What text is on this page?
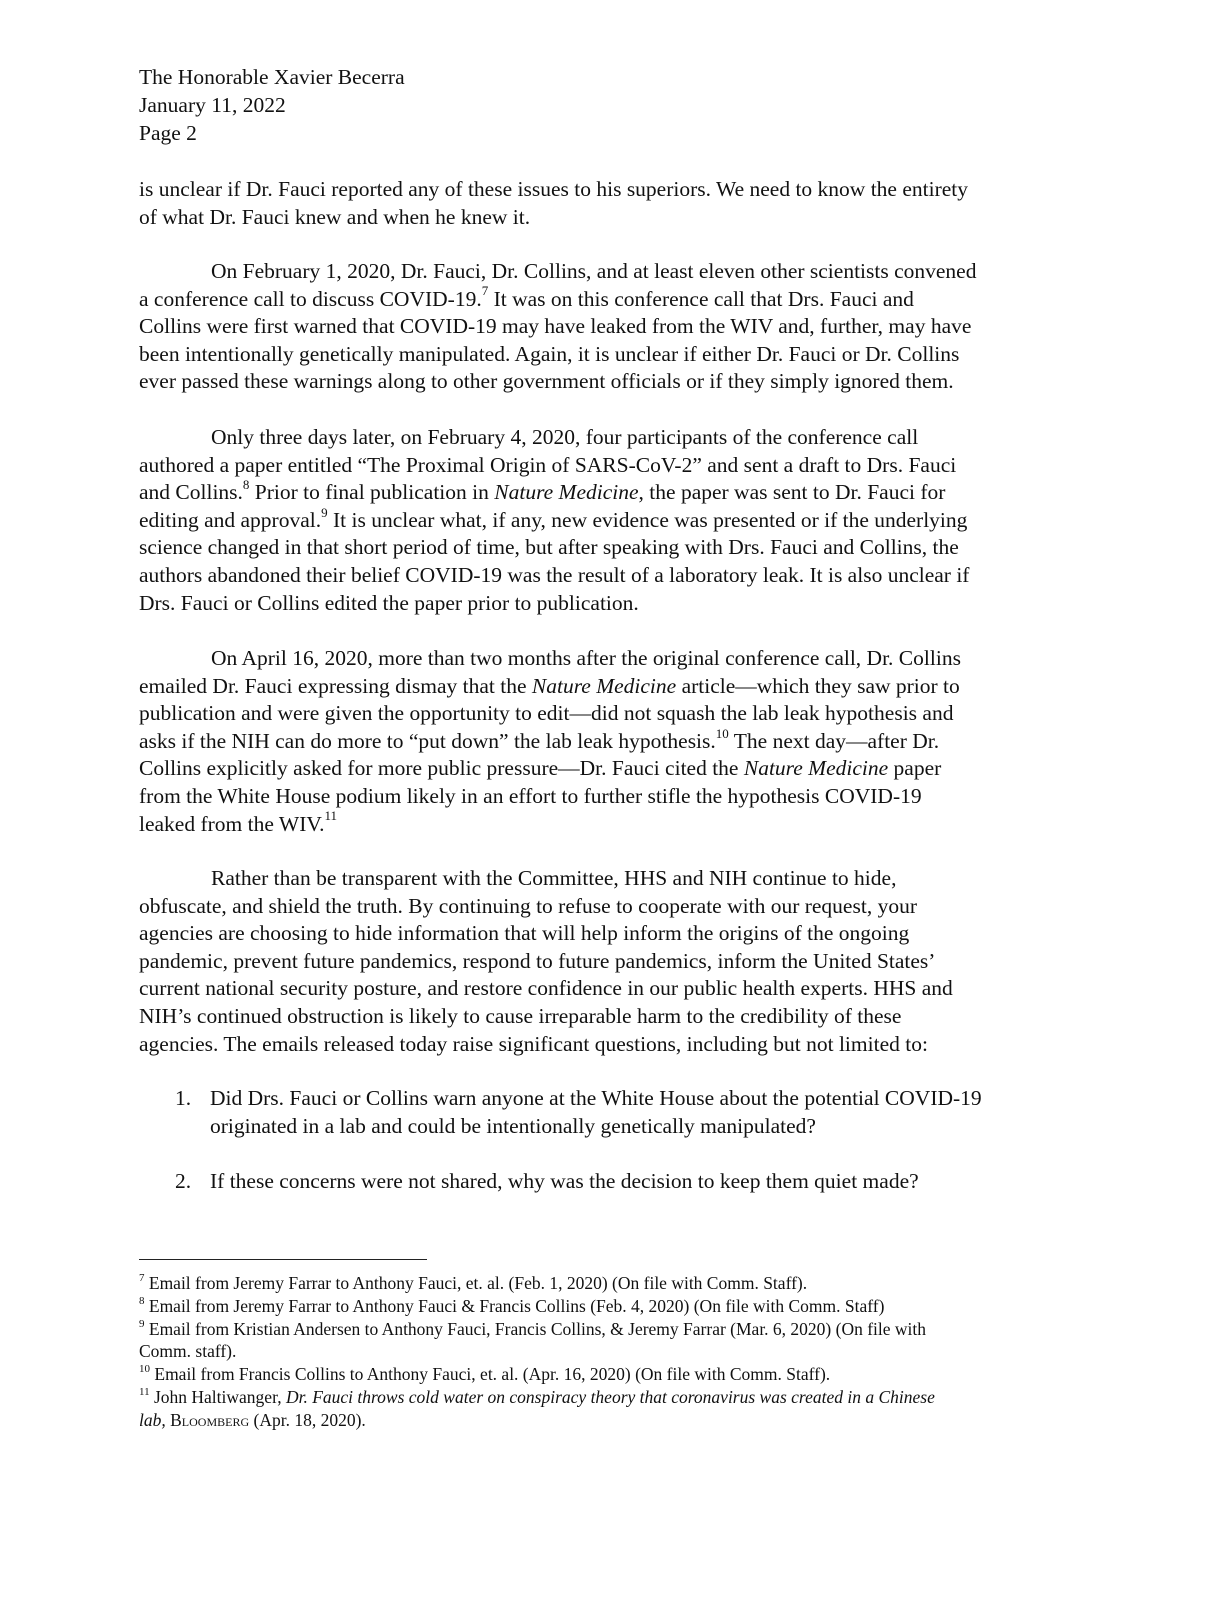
The Honorable Xavier Becerra
January 11, 2022
Page 2
is unclear if Dr. Fauci reported any of these issues to his superiors. We need to know the entirety
of what Dr. Fauci knew and when he knew it.
On February 1, 2020, Dr. Fauci, Dr. Collins, and at least eleven other scientists convened
a conference call to discuss COVID-19.$^7$ It was on this conference call that Drs. Fauci and
Collins were first warned that COVID-19 may have leaked from the WIV and, further, may have
been intentionally genetically manipulated. Again, it is unclear if either Dr. Fauci or Dr. Collins
ever passed these warnings along to other government officials or if they simply ignored them.
Only three days later, on February 4, 2020, four participants of the conference call
authored a paper entitled “The Proximal Origin of SARS-CoV-2” and sent a draft to Drs. Fauci
and Collins.$^8$ Prior to final publication in Nature Medicine, the paper was sent to Dr. Fauci for
editing and approval.$^9$ It is unclear what, if any, new evidence was presented or if the underlying
science changed in that short period of time, but after speaking with Drs. Fauci and Collins, the
authors abandoned their belief COVID-19 was the result of a laboratory leak. It is also unclear if
Drs. Fauci or Collins edited the paper prior to publication.
On April 16, 2020, more than two months after the original conference call, Dr. Collins
emailed Dr. Fauci expressing dismay that the Nature Medicine article—which they saw prior to
publication and were given the opportunity to edit—did not squash the lab leak hypothesis and
asks if the NIH can do more to “put down” the lab leak hypothesis.$^{10}$ The next day—after Dr.
Collins explicitly asked for more public pressure—Dr. Fauci cited the Nature Medicine paper
from the White House podium likely in an effort to further stifle the hypothesis COVID-19
leaked from the WIV.$^{11}$
Rather than be transparent with the Committee, HHS and NIH continue to hide,
obfuscate, and shield the truth. By continuing to refuse to cooperate with our request, your
agencies are choosing to hide information that will help inform the origins of the ongoing
pandemic, prevent future pandemics, respond to future pandemics, inform the United States’
current national security posture, and restore confidence in our public health experts. HHS and
NIH’s continued obstruction is likely to cause irreparable harm to the credibility of these
agencies. The emails released today raise significant questions, including but not limited to:
1. Did Drs. Fauci or Collins warn anyone at the White House about the potential COVID-19
originated in a lab and could be intentionally genetically manipulated?
2. If these concerns were not shared, why was the decision to keep them quiet made?
$^7$ Email from Jeremy Farrar to Anthony Fauci, et. al. (Feb. 1, 2020) (On file with Comm. Staff).
$^8$ Email from Jeremy Farrar to Anthony Fauci & Francis Collins (Feb. 4, 2020) (On file with Comm. Staff)
$^9$ Email from Kristian Andersen to Anthony Fauci, Francis Collins, & Jeremy Farrar (Mar. 6, 2020) (On file with
Comm. staff).
$^{10}$ Email from Francis Collins to Anthony Fauci, et. al. (Apr. 16, 2020) (On file with Comm. Staff).
$^{11}$ John Haltiwanger, Dr. Fauci throws cold water on conspiracy theory that coronavirus was created in a Chinese
lab, Bloomberg (Apr. 18, 2020).
